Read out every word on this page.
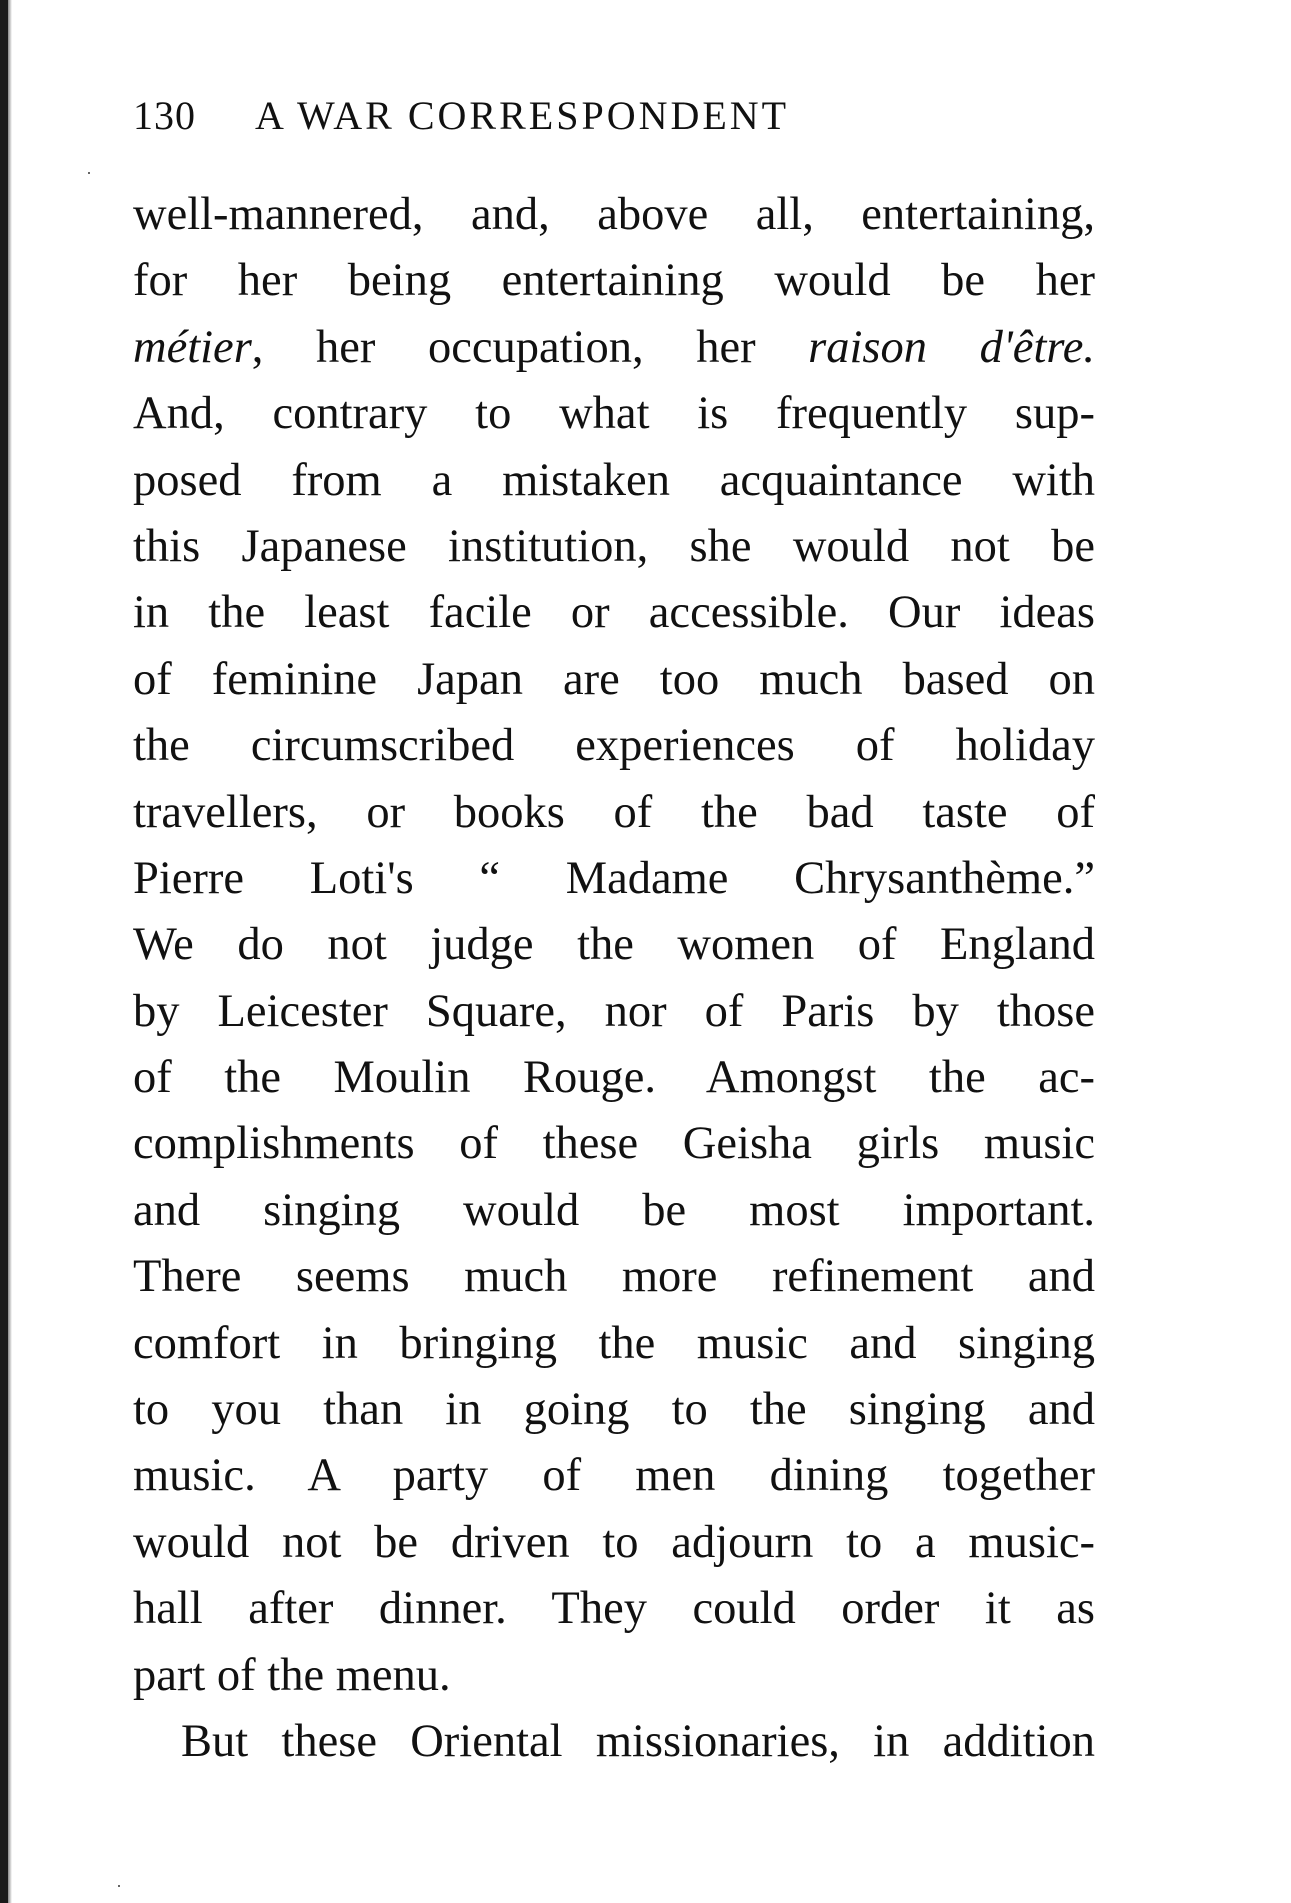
130 A WAR CORRESPONDENT
well-mannered, and, above all, entertaining,
for her being entertaining would be her
métier, her occupation, her raison d'être.
And, contrary to what is frequently sup-
posed from a mistaken acquaintance with
this Japanese institution, she would not be
in the least facile or accessible. Our ideas
of feminine Japan are too much based on
the circumscribed experiences of holiday
travellers, or books of the bad taste of
Pierre Loti's “ Madame Chrysanthème.”
We do not judge the women of England
by Leicester Square, nor of Paris by those
of the Moulin Rouge. Amongst the ac-
complishments of these Geisha girls music
and singing would be most important.
There seems much more refinement and
comfort in bringing the music and singing
to you than in going to the singing and
music. A party of men dining together
would not be driven to adjourn to a music-
hall after dinner. They could order it as
part of the menu.
But these Oriental missionaries, in addition
